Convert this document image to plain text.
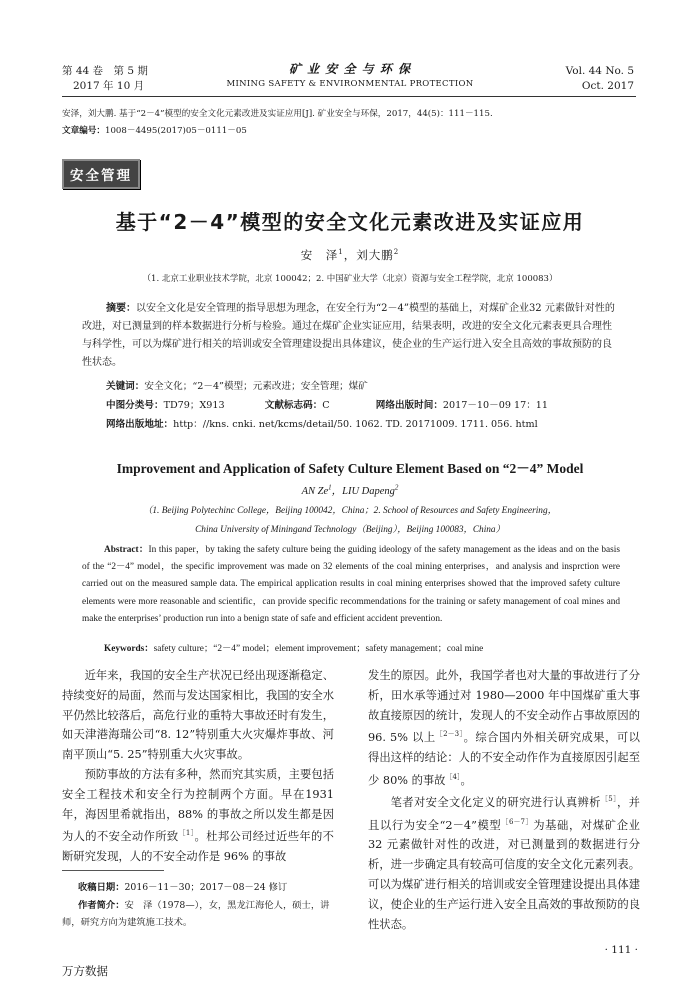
第 44 卷　第 5 期
2017 年 10 月
矿 业 安 全 与 环 保
MINING SAFETY & ENVIRONMENTAL PROTECTION
Vol. 44 No. 5
Oct. 2017
安泽，刘大鹏. 基于“2－4”模型的安全文化元素改进及实证应用[J]. 矿业安全与环保，2017，44(5)：111－115.
文章编号：1008－4495(2017)05－0111－05
安全管理
基于“2－4”模型的安全文化元素改进及实证应用
安　泽$^1$，刘大鹏$^2$
（1. 北京工业职业技术学院，北京 100042；2. 中国矿业大学（北京）资源与安全工程学院，北京 100083）
摘要：以安全文化是安全管理的指导思想为理念，在安全行为“2－4”模型的基础上，对煤矿企业32 元素做针对性的改进，对已测量到的样本数据进行分析与检验。通过在煤矿企业实证应用，结果表明，改进的安全文化元素表更具合理性与科学性，可以为煤矿进行相关的培训或安全管理建设提出具体建议，使企业的生产运行进入安全且高效的事故预防的良性状态。
关键词：安全文化；“2－4”模型；元素改进；安全管理；煤矿
中图分类号：TD79；X913	文献标志码：C	网络出版时间：2017－10－09 17：11
网络出版地址：http：//kns. cnki. net/kcms/detail/50. 1062. TD. 20171009. 1711. 056. html
Improvement and Application of Safety Culture Element Based on “2－4” Model
AN Ze$^1$，LIU Dapeng$^2$
（1. Beijing Polytechinc College，Beijing 100042，China；2. School of Resources and Safety Engineering，
China University of Miningand Technology（Beijing），Beijing 100083，China）
Abstract：In this paper，by taking the safety culture being the guiding ideology of the safety management as the ideas and on the basis of the “2－4” model，the specific improvement was made on 32 elements of the coal mining enterprises，and analysis and insprction were carried out on the measured sample data. The empirical application results in coal mining enterprises showed that the improved safety culture elements were more reasonable and scientific，can provide specific recommendations for the training or safety management of coal mines and make the enterprises’ production run into a benign state of safe and efficient accident prevention.
Keywords：safety culture；“2－4” model；element improvement；safety management；coal mine

近年来，我国的安全生产状况已经出现逐渐稳定、持续变好的局面，然而与发达国家相比，我国的安全水平仍然比较落后，高危行业的重特大事故还时有发生，如天津港海瑞公司“8. 12”特别重大火灾爆炸事故、河南平顶山“5. 25”特别重大火灾事故。

预防事故的方法有多种，然而究其实质，主要包括安全工程技术和安全行为控制两个方面。早在1931 年，海因里希就指出，88% 的事故之所以发生都是因为人的不安全动作所致$^{[1]}$。杜邦公司经过近些年的不断研究发现，人的不安全动作是 96% 的事故

收稿日期：2016－11－30；2017－08－24 修订
作者简介：安　泽（1978—），女，黑龙江海伦人，硕士，讲师，研究方向为建筑施工技术。

发生的原因。此外，我国学者也对大量的事故进行了分析，田水承等通过对 1980—2000 年中国煤矿重大事故直接原因的统计，发现人的不安全动作占事故原因的 96. 5% 以上$^{[2-3]}$。综合国内外相关研究成果，可以得出这样的结论：人的不安全动作作为直接原因引起至少 80% 的事故$^{[4]}$。

笔者对安全文化定义的研究进行认真辨析$^{[5]}$，并且以行为安全“2－4”模型$^{[6-7]}$为基础，对煤矿企业32 元素做针对性的改进，对已测量到的数据进行分析，进一步确定具有较高可信度的安全文化元素列表。可以为煤矿进行相关的培训或安全管理建设提出具体建议，使企业的生产运行进入安全且高效的事故预防的良性状态。

· 111 ·
万方数据
